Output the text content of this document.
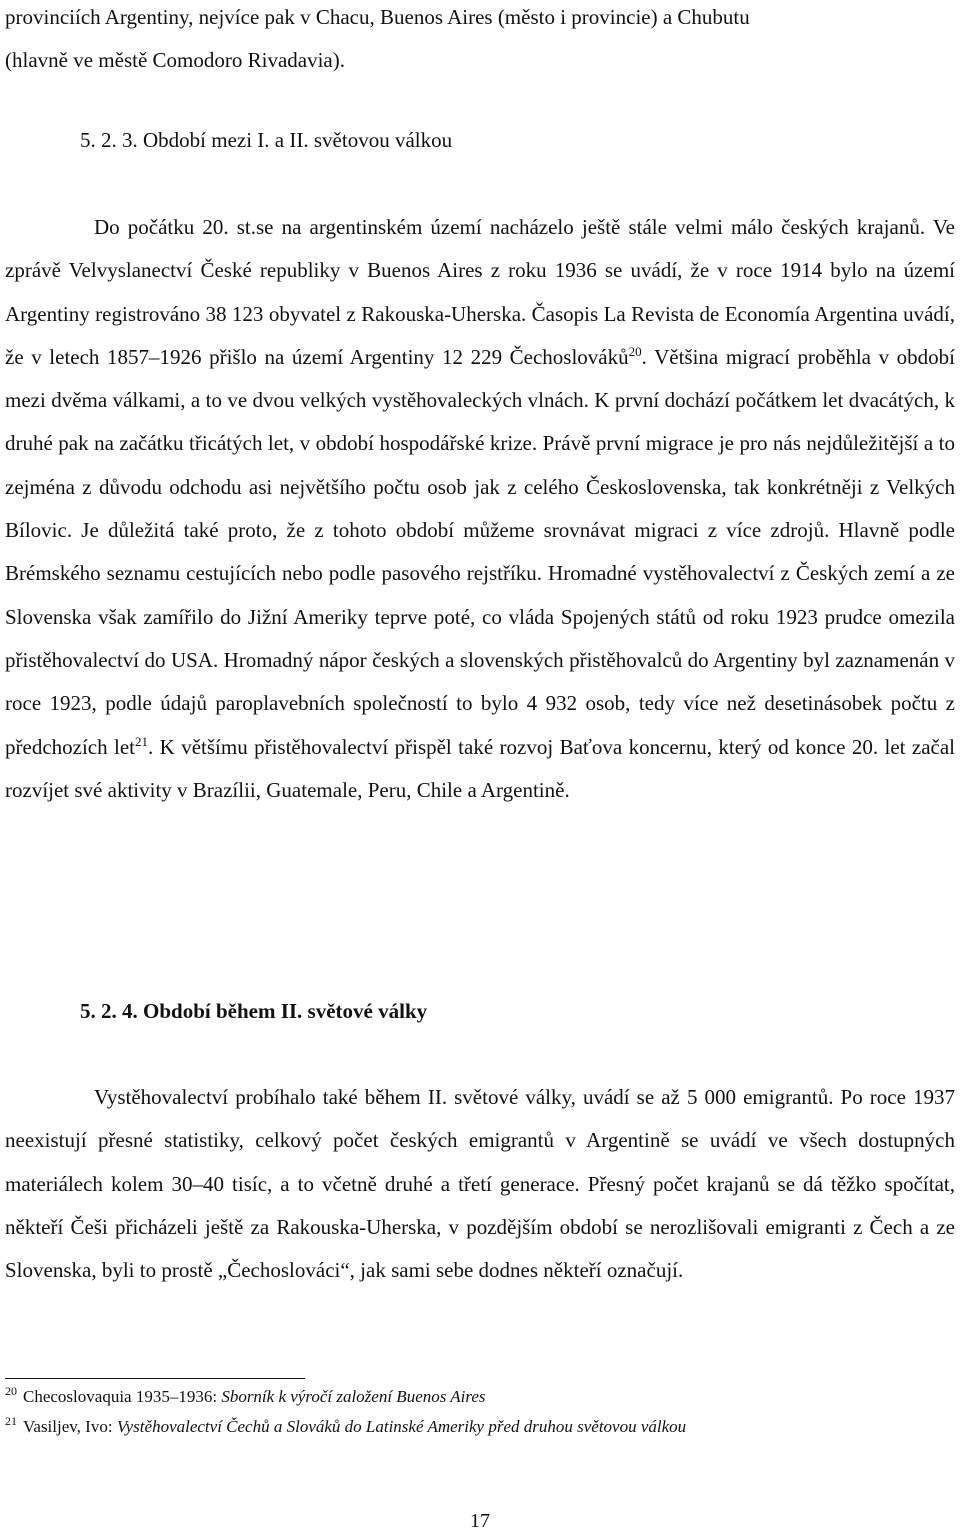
provinciích Argentiny, nejvíce pak v Chacu, Buenos Aires (město i provincie) a Chubutu
(hlavně ve městě Comodoro Rivadavia).

5. 2. 3. Období mezi I. a II. světovou válkou

Do počátku 20. st.se na argentinském území nacházelo ještě stále velmi málo českých krajanů. Ve zprávě Velvyslanectví České republiky v Buenos Aires z roku 1936 se uvádí, že v roce 1914 bylo na území Argentiny registrováno 38 123 obyvatel z Rakouska-Uherska. Časopis La Revista de Economía Argentina uvádí, že v letech 1857–1926 přišlo na území Argentiny 12 229 Čechoslováků$^{20}$. Většina migrací proběhla v období mezi dvěma válkami, a to ve dvou velkých vystěhovaleckých vlnách. K první dochází počátkem let dvacátých, k druhé pak na začátku třicátých let, v období hospodářské krize. Právě první migrace je pro nás nejdůležitější a to zejména z důvodu odchodu asi největšího počtu osob jak z celého Československa, tak konkrétněji z Velkých Bílovic. Je důležitá také proto, že z tohoto období můžeme srovnávat migraci z více zdrojů. Hlavně podle Brémského seznamu cestujících nebo podle pasového rejstříku. Hromadné vystěhovalectví z Českých zemí a ze Slovenska však zamířilo do Jižní Ameriky teprve poté, co vláda Spojených států od roku 1923 prudce omezila přistěhovalectví do USA. Hromadný nápor českých a slovenských přistěhovalců do Argentiny byl zaznamenán v roce 1923, podle údajů paroplavebních společností to bylo 4 932 osob, tedy více než desetinásobek počtu z předchozích let$^{21}$. K většímu přistěhovalectví přispěl také rozvoj Baťova koncernu, který od konce 20. let začal rozvíjet své aktivity v Brazílii, Guatemale, Peru, Chile a Argentině.

5. 2. 4. Období během II. světové války

Vystěhovalectví probíhalo také během II. světové války, uvádí se až 5 000 emigrantů. Po roce 1937 neexistují přesné statistiky, celkový počet českých emigrantů v Argentině se uvádí ve všech dostupných materiálech kolem 30–40 tisíc, a to včetně druhé a třetí generace. Přesný počet krajanů se dá těžko spočítat, někteří Češi přicházeli ještě za Rakouska-Uherska, v pozdějším období se nerozlišovali emigranti z Čech a ze Slovenska, byli to prostě „Čechoslováci“, jak sami sebe dodnes někteří označují.

$^{20}$ Checoslovaquia 1935–1936: Sborník k výročí založení Buenos Aires

$^{21}$ Vasiljev, Ivo: Vystěhovalectví Čechů a Slováků do Latinské Ameriky před druhou světovou válkou

17
